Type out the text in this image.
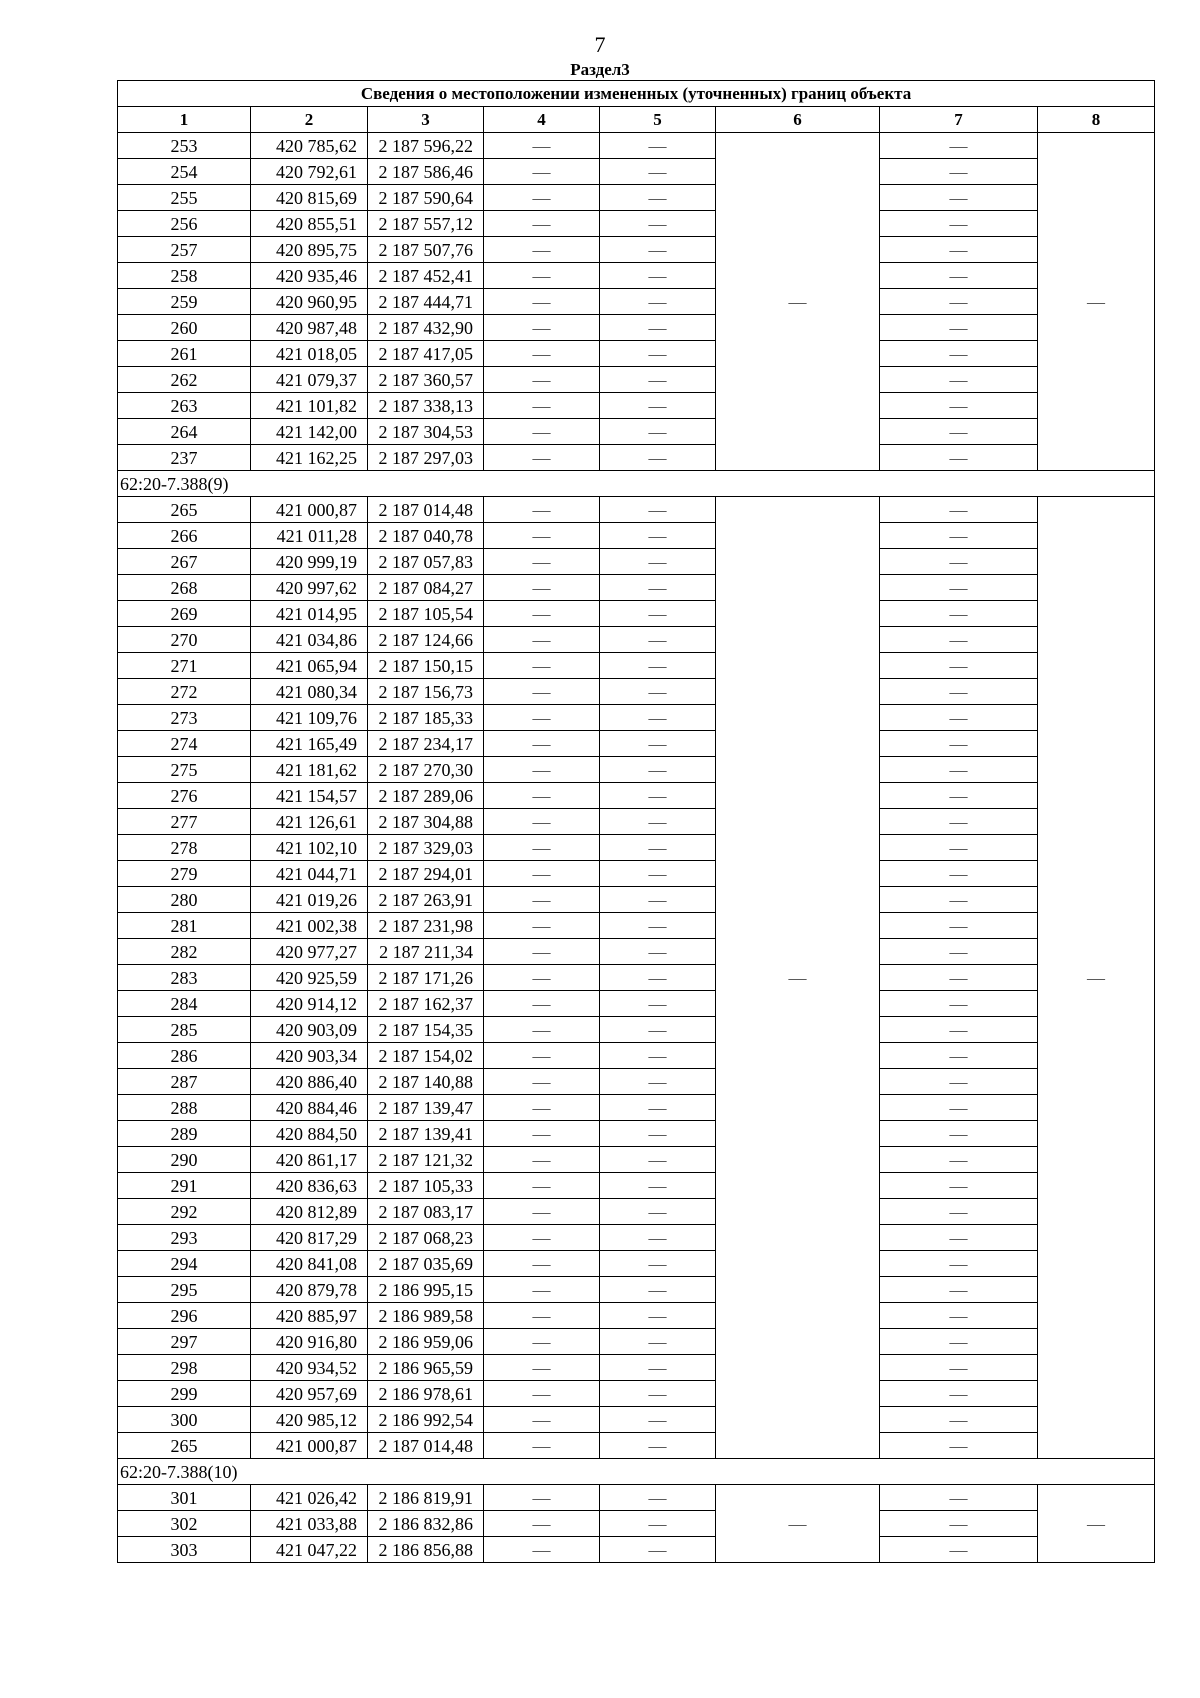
7
Раздел3
Сведения о местоположении измененных (уточненных) границ объекта							
1	2	3	4	5	6	7	8
253	420 785,62	2 187 596,22	—	—	—	—	—
254	420 792,61	2 187 586,46	—	—		—	
255	420 815,69	2 187 590,64	—	—		—	
256	420 855,51	2 187 557,12	—	—		—	
257	420 895,75	2 187 507,76	—	—		—	
258	420 935,46	2 187 452,41	—	—		—	
259	420 960,95	2 187 444,71	—	—		—	
260	420 987,48	2 187 432,90	—	—		—	
261	421 018,05	2 187 417,05	—	—		—	
262	421 079,37	2 187 360,57	—	—		—	
263	421 101,82	2 187 338,13	—	—		—	
264	421 142,00	2 187 304,53	—	—		—	
237	421 162,25	2 187 297,03	—	—		—	
62:20-7.388(9)							
265	421 000,87	2 187 014,48	—	—	—	—	—
266	421 011,28	2 187 040,78	—	—		—	
267	420 999,19	2 187 057,83	—	—		—	
268	420 997,62	2 187 084,27	—	—		—	
269	421 014,95	2 187 105,54	—	—		—	
270	421 034,86	2 187 124,66	—	—		—	
271	421 065,94	2 187 150,15	—	—		—	
272	421 080,34	2 187 156,73	—	—		—	
273	421 109,76	2 187 185,33	—	—		—	
274	421 165,49	2 187 234,17	—	—		—	
275	421 181,62	2 187 270,30	—	—		—	
276	421 154,57	2 187 289,06	—	—		—	
277	421 126,61	2 187 304,88	—	—		—	
278	421 102,10	2 187 329,03	—	—		—	
279	421 044,71	2 187 294,01	—	—		—	
280	421 019,26	2 187 263,91	—	—		—	
281	421 002,38	2 187 231,98	—	—		—	
282	420 977,27	2 187 211,34	—	—		—	
283	420 925,59	2 187 171,26	—	—		—	
284	420 914,12	2 187 162,37	—	—		—	
285	420 903,09	2 187 154,35	—	—		—	
286	420 903,34	2 187 154,02	—	—		—	
287	420 886,40	2 187 140,88	—	—		—	
288	420 884,46	2 187 139,47	—	—		—	
289	420 884,50	2 187 139,41	—	—		—	
290	420 861,17	2 187 121,32	—	—		—	
291	420 836,63	2 187 105,33	—	—		—	
292	420 812,89	2 187 083,17	—	—		—	
293	420 817,29	2 187 068,23	—	—		—	
294	420 841,08	2 187 035,69	—	—		—	
295	420 879,78	2 186 995,15	—	—		—	
296	420 885,97	2 186 989,58	—	—		—	
297	420 916,80	2 186 959,06	—	—		—	
298	420 934,52	2 186 965,59	—	—		—	
299	420 957,69	2 186 978,61	—	—		—	
300	420 985,12	2 186 992,54	—	—		—	
265	421 000,87	2 187 014,48	—	—		—	
62:20-7.388(10)							
301	421 026,42	2 186 819,91	—	—	—	—	—
302	421 033,88	2 186 832,86	—	—		—	
303	421 047,22	2 186 856,88	—	—		—	
